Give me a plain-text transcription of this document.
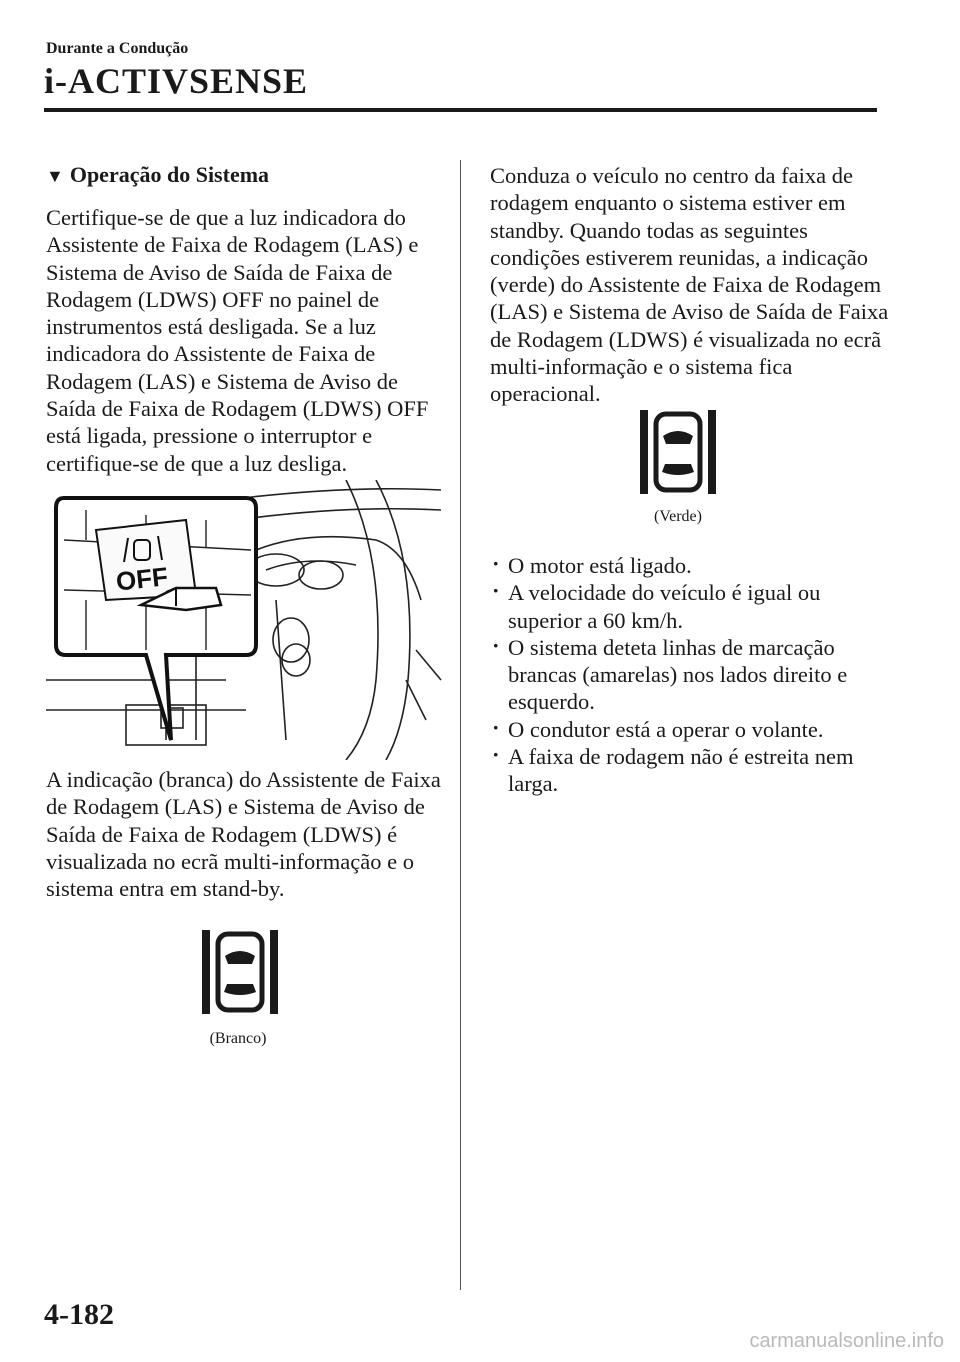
Durante a Condução
i-ACTIVSENSE
▼ Operação do Sistema

Certifique-se de que a luz indicadora do Assistente de Faixa de Rodagem (LAS) e Sistema de Aviso de Saída de Faixa de Rodagem (LDWS) OFF no painel de instrumentos está desligada. Se a luz indicadora do Assistente de Faixa de Rodagem (LAS) e Sistema de Aviso de Saída de Faixa de Rodagem (LDWS) OFF está ligada, pressione o interruptor e certifique-se de que a luz desliga.

OFF

A indicação (branca) do Assistente de Faixa de Rodagem (LAS) e Sistema de Aviso de Saída de Faixa de Rodagem (LDWS) é visualizada no ecrã multi-informação e o sistema entra em stand-by.

(Branco)

Conduza o veículo no centro da faixa de rodagem enquanto o sistema estiver em standby. Quando todas as seguintes condições estiverem reunidas, a indicação (verde) do Assistente de Faixa de Rodagem (LAS) e Sistema de Aviso de Saída de Faixa de Rodagem (LDWS) é visualizada no ecrã multi-informação e o sistema fica operacional.

(Verde)
· O motor está ligado.
· A velocidade do veículo é igual ou superior a 60 km/h.
· O sistema deteta linhas de marcação brancas (amarelas) nos lados direito e esquerdo.
· O condutor está a operar o volante.
· A faixa de rodagem não é estreita nem larga.
4-182
carmanualsonline.info
